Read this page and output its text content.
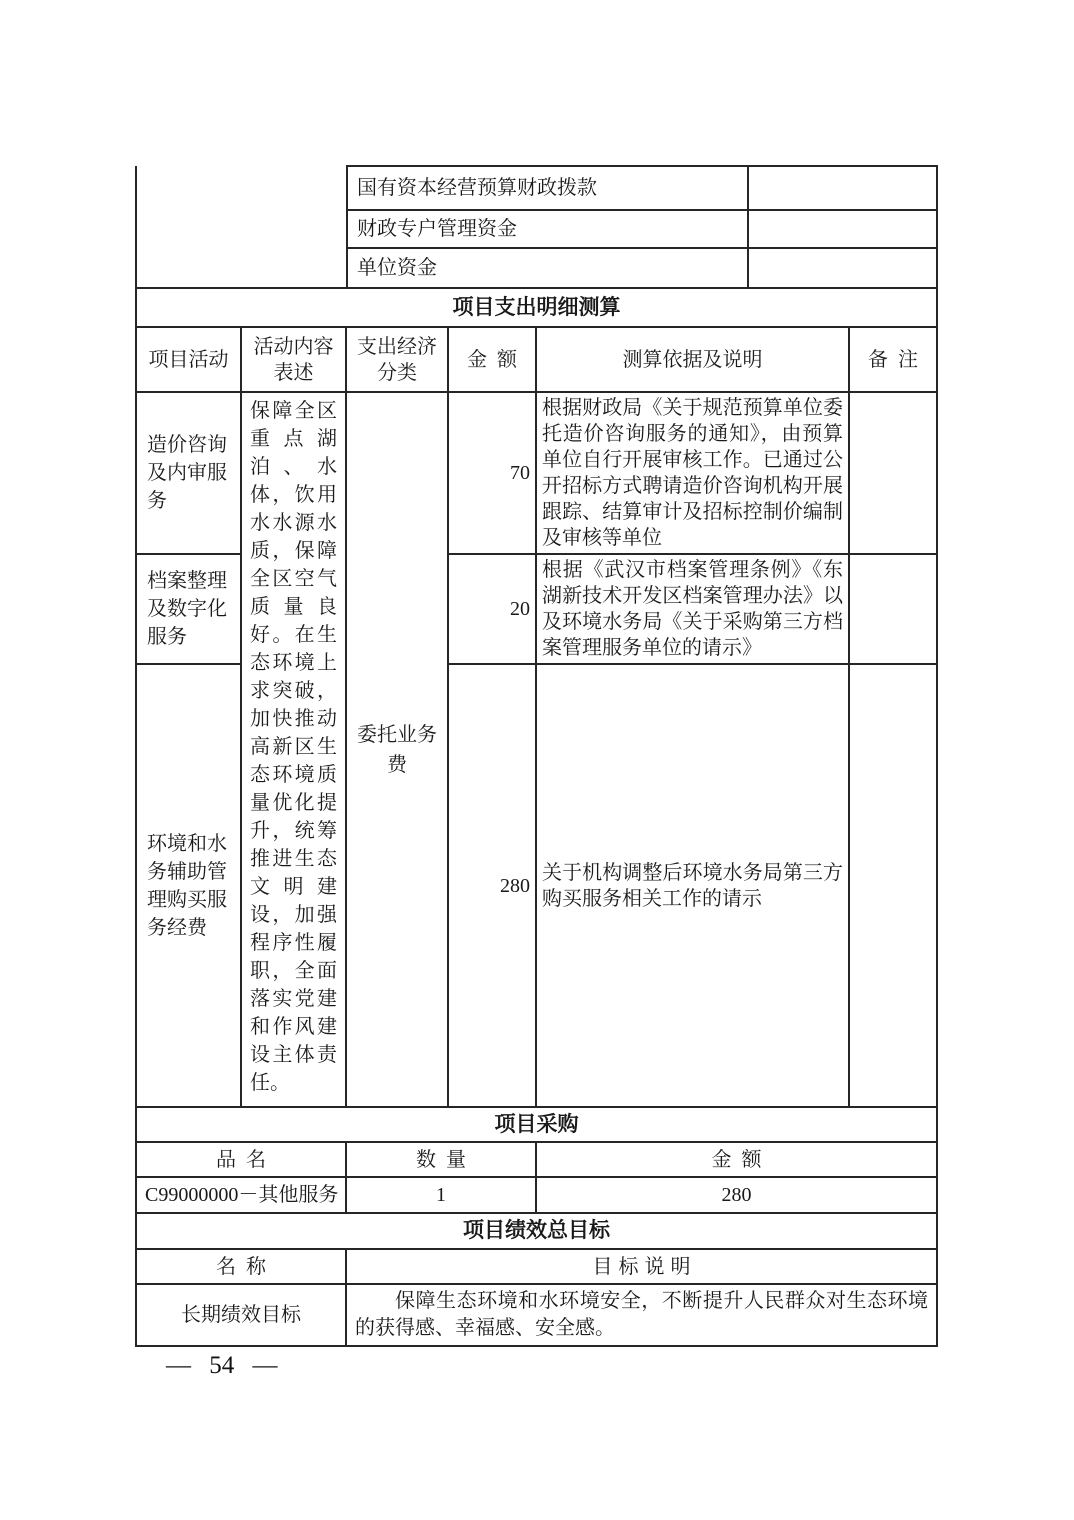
	国有资本经营预算财政拨款	
	财政专户管理资金	
	单位资金	
项目支出明细测算					
项目活动	活动内容表述	支出经济分类	金额	测算依据及说明	备注
造价咨询及内审服务	保障全区重点湖泊、水体，饮用水水源水质，保障全区空气质量良好。在生态环境上求突破，加快推动高新区生态环境质量优化提升，统筹推进生态文明建设，加强程序性履职，全面落实党建和作风建设主体责任。	委托业务费	70	根据财政局《关于规范预算单位委托造价咨询服务的通知》，由预算单位自行开展审核工作。已通过公开招标方式聘请造价咨询机构开展跟踪、结算审计及招标控制价编制及审核等单位	
档案整理及数字化服务			20	根据《武汉市档案管理条例》《东湖新技术开发区档案管理办法》以及环境水务局《关于采购第三方档案管理服务单位的请示》	
环境和水务辅助管理购买服务经费			280	关于机构调整后环境水务局第三方购买服务相关工作的请示	
项目采购					
品名		数量		金额	
C99000000－其他服务		1		280	
项目绩效总目标					
名称		目标说明			
长期绩效目标		保障生态环境和水环境安全，不断提升人民群众对生态环境的获得感、幸福感、安全感。			
— 54 —
